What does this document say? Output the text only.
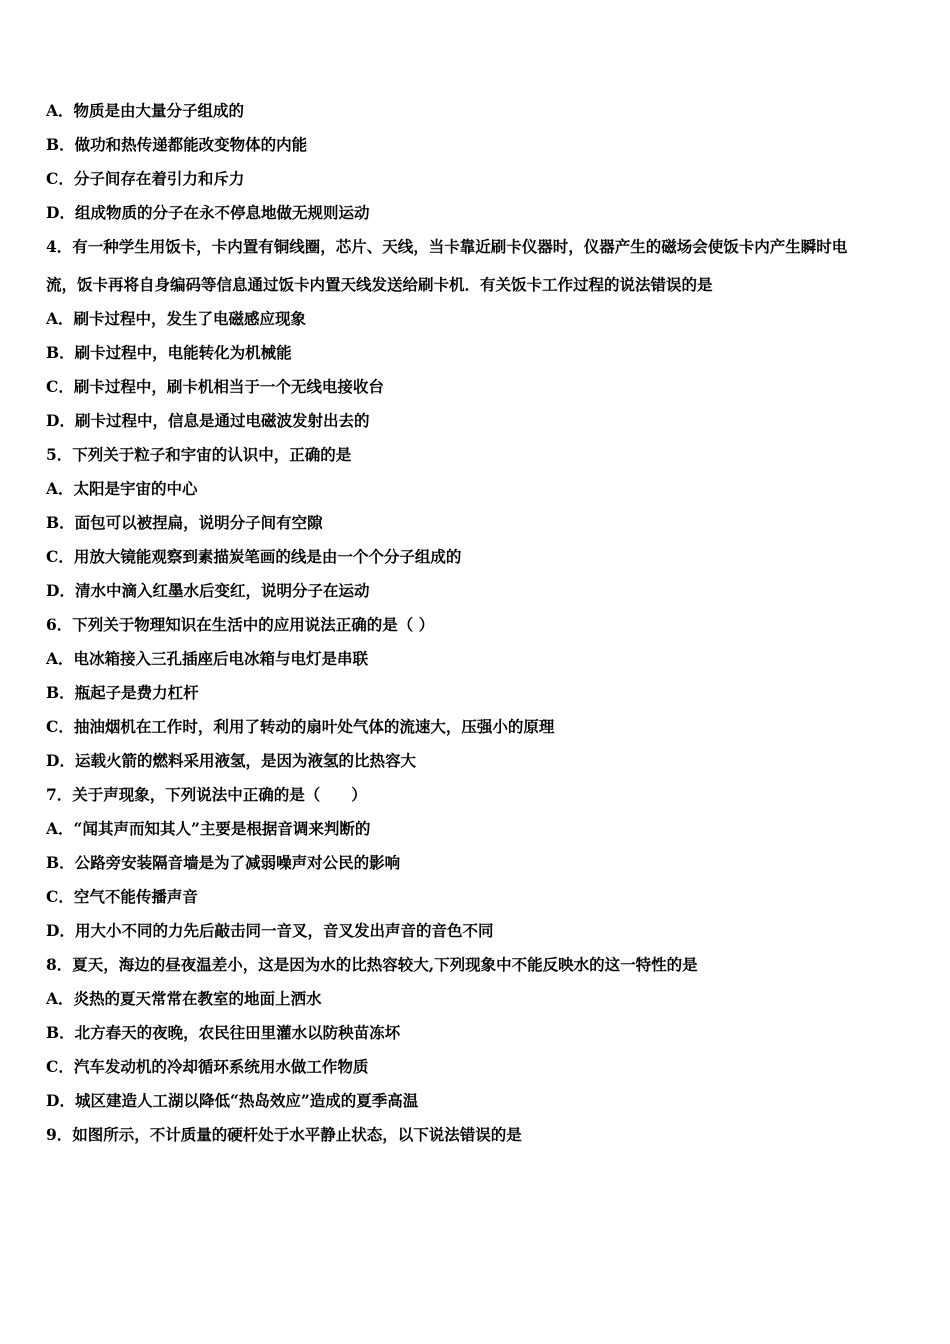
A．物质是由大量分子组成的
B．做功和热传递都能改变物体的内能
C．分子间存在着引力和斥力
D．组成物质的分子在永不停息地做无规则运动
4．有一种学生用饭卡，卡内置有铜线圈，芯片、天线，当卡靠近刷卡仪器时，仪器产生的磁场会使饭卡内产生瞬时电
流，饭卡再将自身编码等信息通过饭卡内置天线发送给刷卡机．有关饭卡工作过程的说法错误的是
A．刷卡过程中，发生了电磁感应现象
B．刷卡过程中，电能转化为机械能
C．刷卡过程中，刷卡机相当于一个无线电接收台
D．刷卡过程中，信息是通过电磁波发射出去的
5．下列关于粒子和宇宙的认识中，正确的是
A．太阳是宇宙的中心
B．面包可以被捏扁，说明分子间有空隙
C．用放大镜能观察到素描炭笔画的线是由一个个分子组成的
D．清水中滴入红墨水后变红，说明分子在运动
6．下列关于物理知识在生活中的应用说法正确的是（ ）
A．电冰箱接入三孔插座后电冰箱与电灯是串联
B．瓶起子是费力杠杆
C．抽油烟机在工作时，利用了转动的扇叶处气体的流速大，压强小的原理
D．运载火箭的燃料采用液氢，是因为液氢的比热容大
7．关于声现象，下列说法中正确的是（　　）
A．“闻其声而知其人”主要是根据音调来判断的
B．公路旁安装隔音墙是为了减弱噪声对公民的影响
C．空气不能传播声音
D．用大小不同的力先后敲击同一音叉，音叉发出声音的音色不同
8．夏天，海边的昼夜温差小，这是因为水的比热容较大,下列现象中不能反映水的这一特性的是
A．炎热的夏天常常在教室的地面上洒水
B．北方春天的夜晚，农民往田里灌水以防秧苗冻坏
C．汽车发动机的冷却循环系统用水做工作物质
D．城区建造人工湖以降低“热岛效应”造成的夏季高温
9．如图所示，不计质量的硬杆处于水平静止状态，以下说法错误的是
